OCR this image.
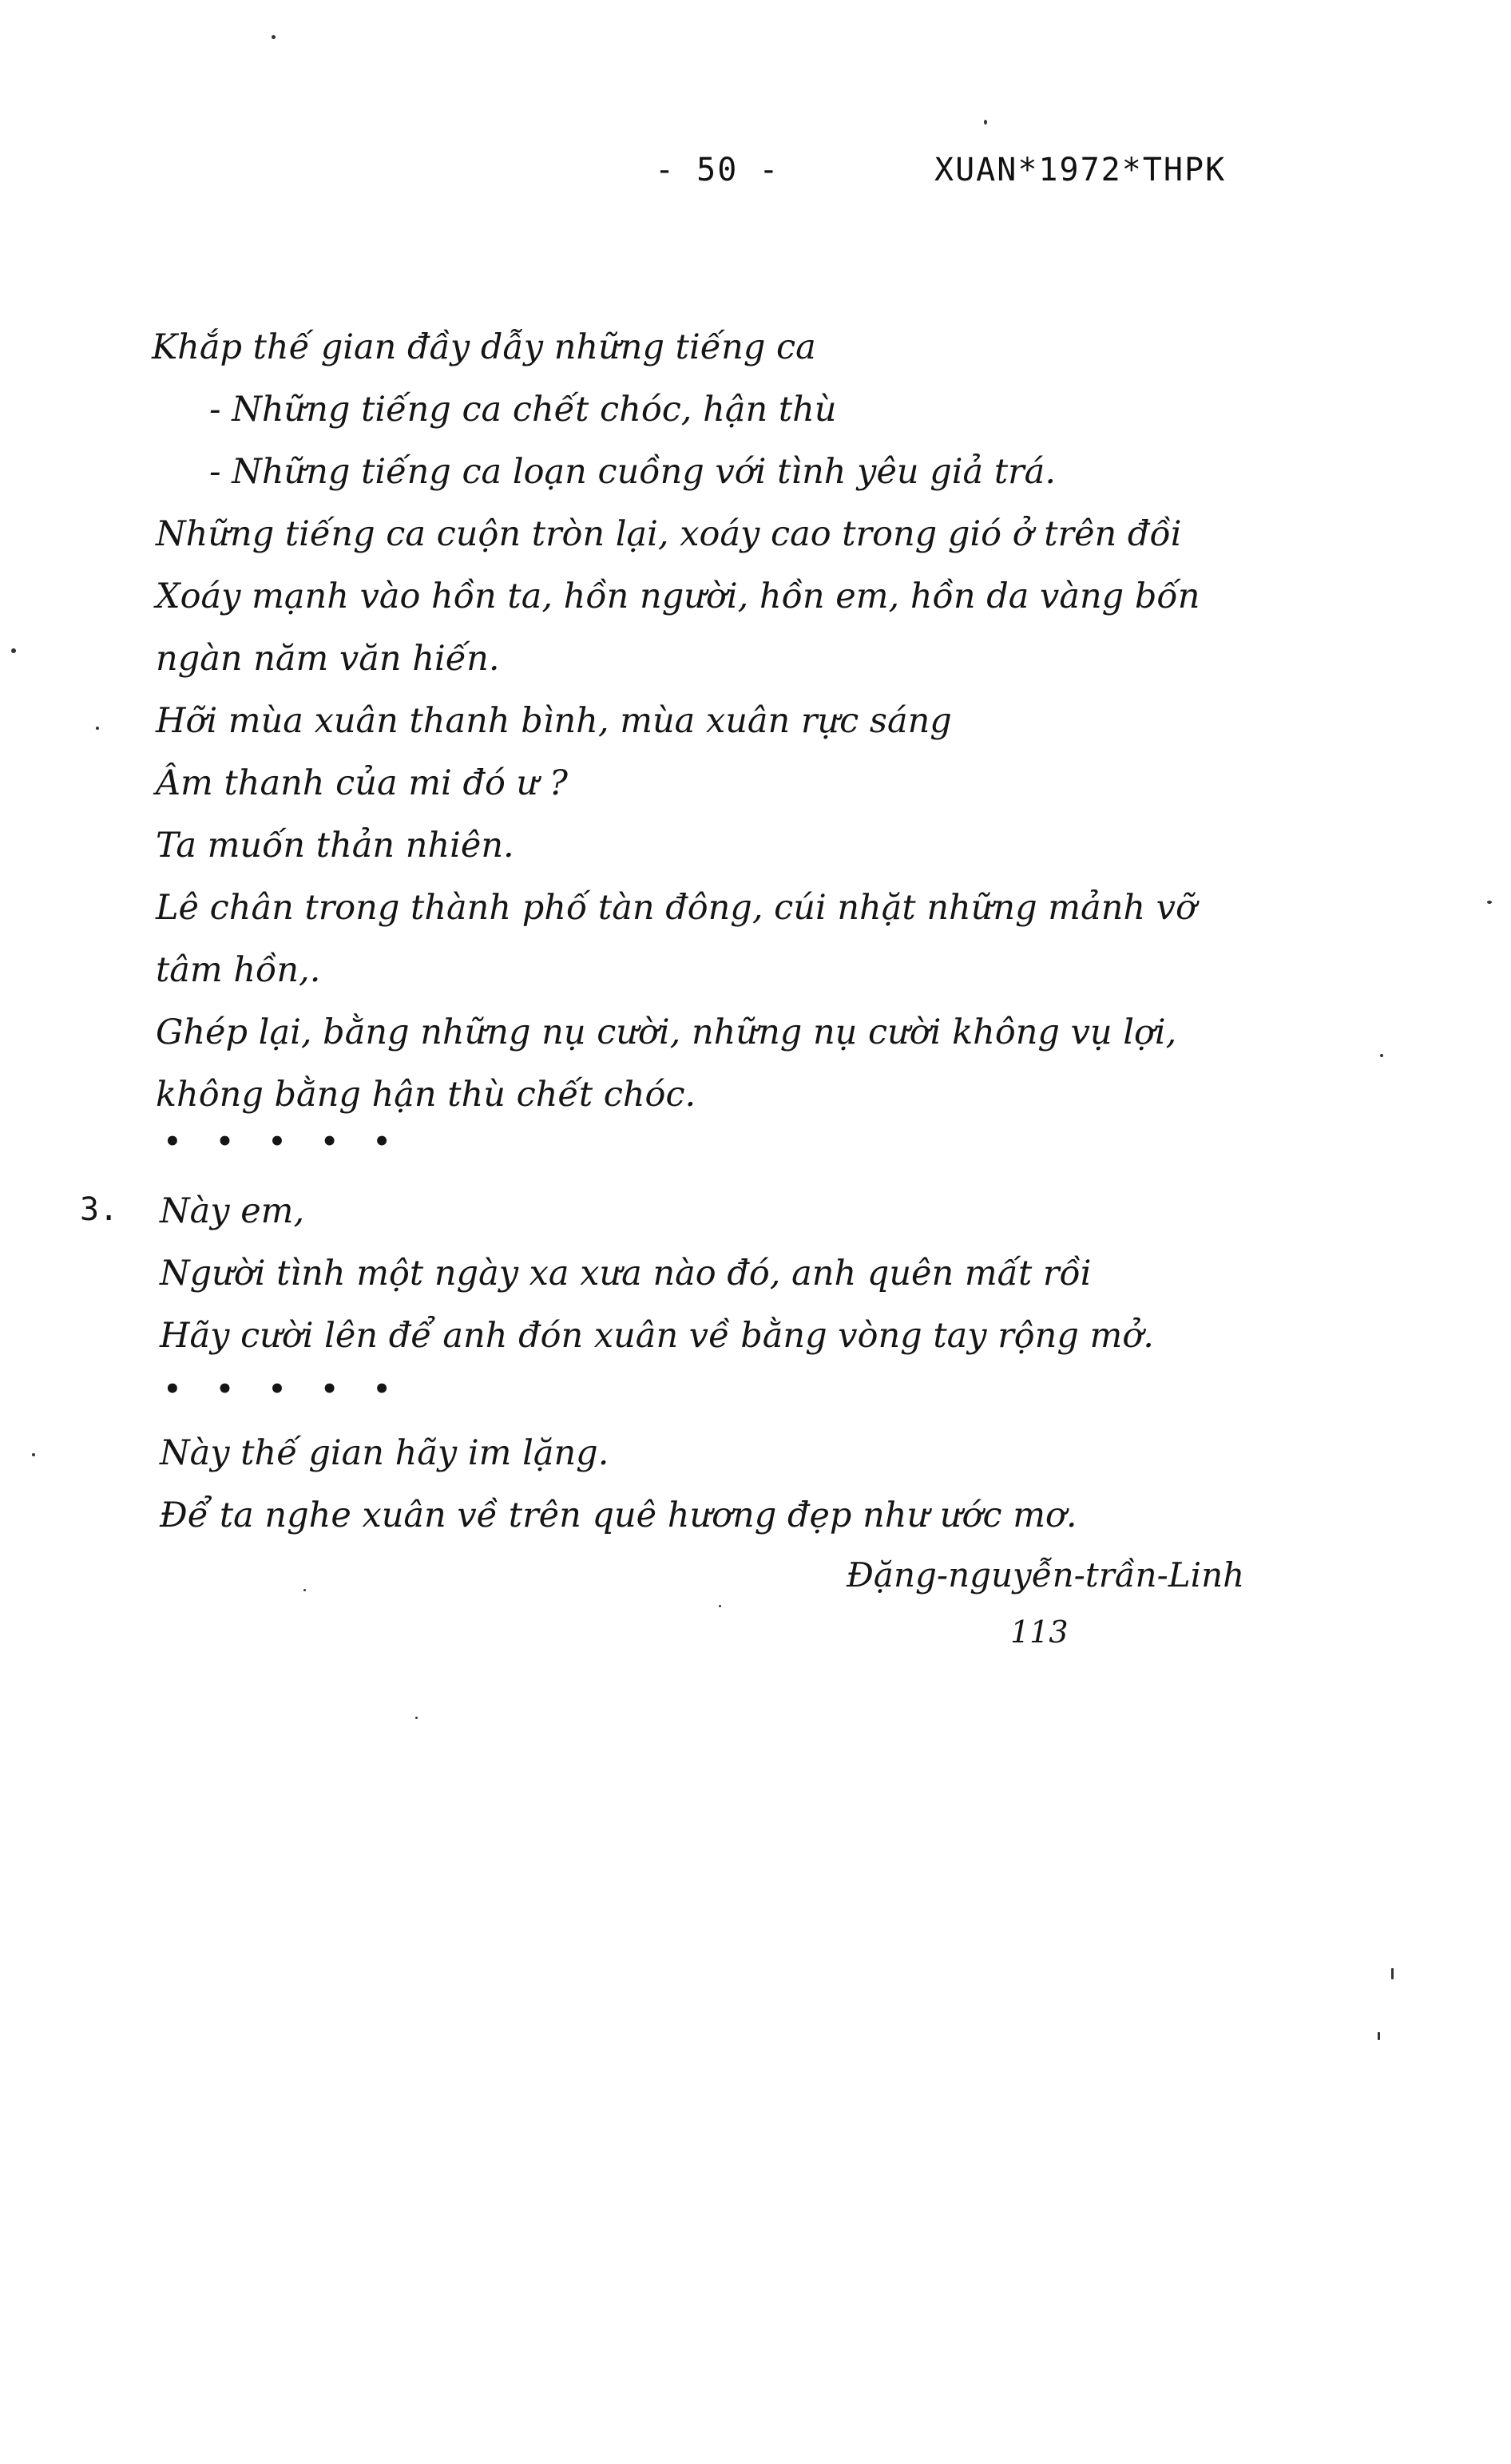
- 50 -	XUAN*1972*THPK
Khắp thế gian đầy dẫy những tiếng ca
- Những tiếng ca chết chóc, hận thù
- Những tiếng ca loạn cuồng với tình yêu giả trá.
Những tiếng ca cuộn tròn lại, xoáy cao trong gió ở trên đồi
Xoáy mạnh vào hồn ta, hồn người, hồn em, hồn da vàng bốn
ngàn năm văn hiến.
Hỡi mùa xuân thanh bình, mùa xuân rực sáng
Âm thanh của mi đó ư ?
Ta muốn thản nhiên.
Lê chân trong thành phố tàn đông, cúi nhặt những mảnh vỡ
tâm hồn,.
Ghép lại, bằng những nụ cười, những nụ cười không vụ lợi,
không bằng hận thù chết chóc.
• • • • •
3. Này em,
Người tình một ngày xa xưa nào đó, anh quên mất rồi
Hãy cười lên để anh đón xuân về bằng vòng tay rộng mở.
• • • • •
Này thế gian hãy im lặng.
Để ta nghe xuân về trên quê hương đẹp như ước mơ.
Đặng-nguyễn-trần-Linh
113
